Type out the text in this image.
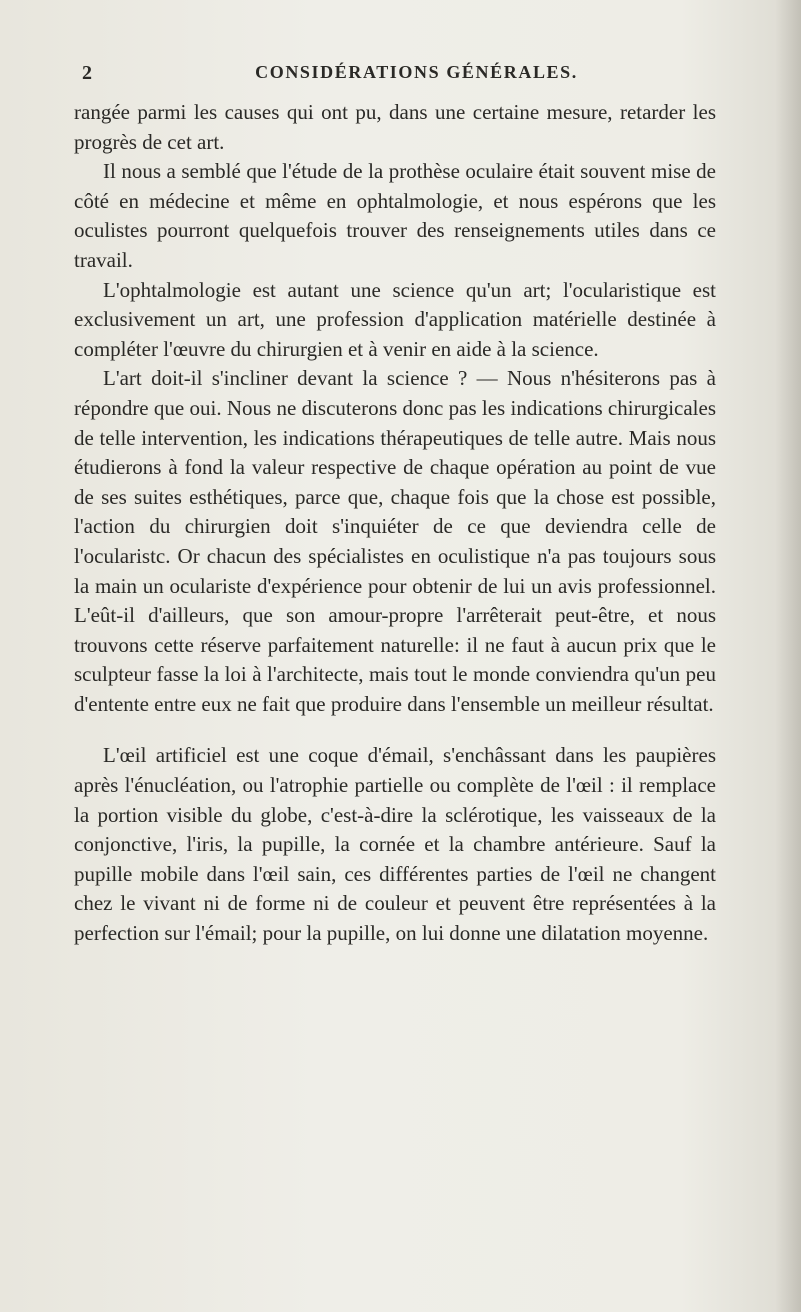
2	CONSIDÉRATIONS GÉNÉRALES.

rangée parmi les causes qui ont pu, dans une certaine mesure, retarder les progrès de cet art.

Il nous a semblé que l'étude de la prothèse oculaire était souvent mise de côté en médecine et même en ophtalmologie, et nous espérons que les oculistes pourront quelquefois trouver des renseignements utiles dans ce travail.

L'ophtalmologie est autant une science qu'un art; l'ocularistique est exclusivement un art, une profession d'application matérielle destinée à compléter l'œuvre du chirurgien et à venir en aide à la science.

L'art doit-il s'incliner devant la science ? — Nous n'hésiterons pas à répondre que oui. Nous ne discuterons donc pas les indications chirurgicales de telle intervention, les indications thérapeutiques de telle autre. Mais nous étudierons à fond la valeur respective de chaque opération au point de vue de ses suites esthétiques, parce que, chaque fois que la chose est possible, l'action du chirurgien doit s'inquiéter de ce que deviendra celle de l'ocularistc. Or chacun des spécialistes en oculistique n'a pas toujours sous la main un oculariste d'expérience pour obtenir de lui un avis professionnel. L'eût-il d'ailleurs, que son amour-propre l'arrêterait peut-être, et nous trouvons cette réserve parfaitement naturelle: il ne faut à aucun prix que le sculpteur fasse la loi à l'architecte, mais tout le monde conviendra qu'un peu d'entente entre eux ne fait que produire dans l'ensemble un meilleur résultat.

L'œil artificiel est une coque d'émail, s'enchâssant dans les paupières après l'énucléation, ou l'atrophie partielle ou complète de l'œil : il remplace la portion visible du globe, c'est-à-dire la sclérotique, les vaisseaux de la conjonctive, l'iris, la pupille, la cornée et la chambre antérieure. Sauf la pupille mobile dans l'œil sain, ces différentes parties de l'œil ne changent chez le vivant ni de forme ni de couleur et peuvent être représentées à la perfection sur l'émail; pour la pupille, on lui donne une dilatation moyenne.
